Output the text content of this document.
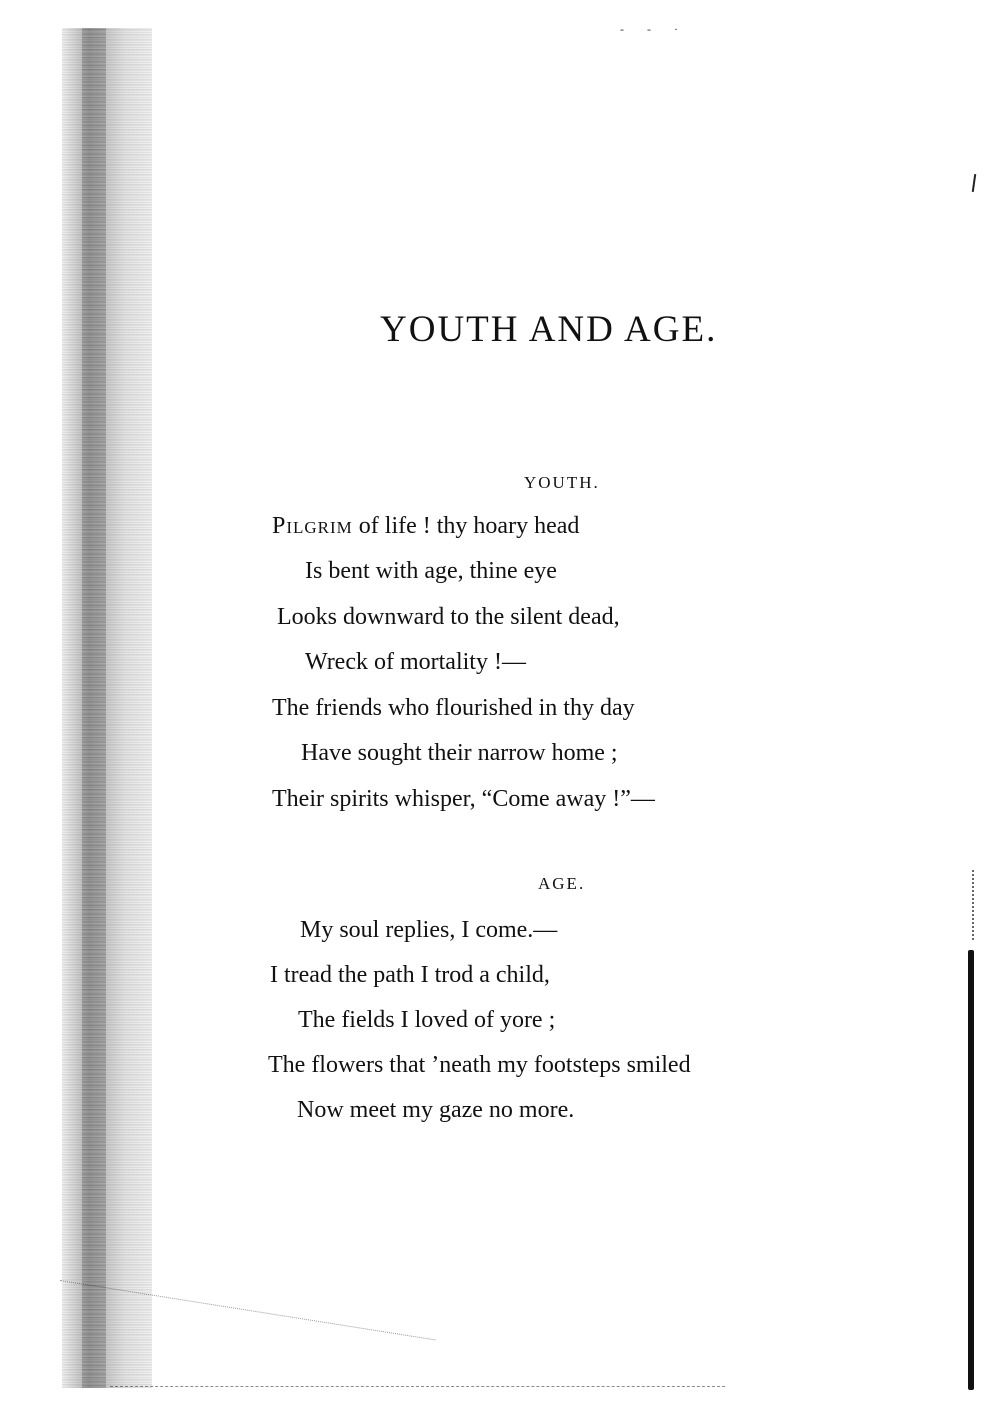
- - ·
YOUTH AND AGE.
YOUTH.
Pilgrim of life ! thy hoary head
Is bent with age, thine eye
Looks downward to the silent dead,
Wreck of mortality !—
The friends who flourished in thy day
Have sought their narrow home ;
Their spirits whisper, “Come away !”—
AGE.
My soul replies, I come.—
I tread the path I trod a child,
The fields I loved of yore ;
The flowers that ’neath my footsteps smiled
Now meet my gaze no more.
